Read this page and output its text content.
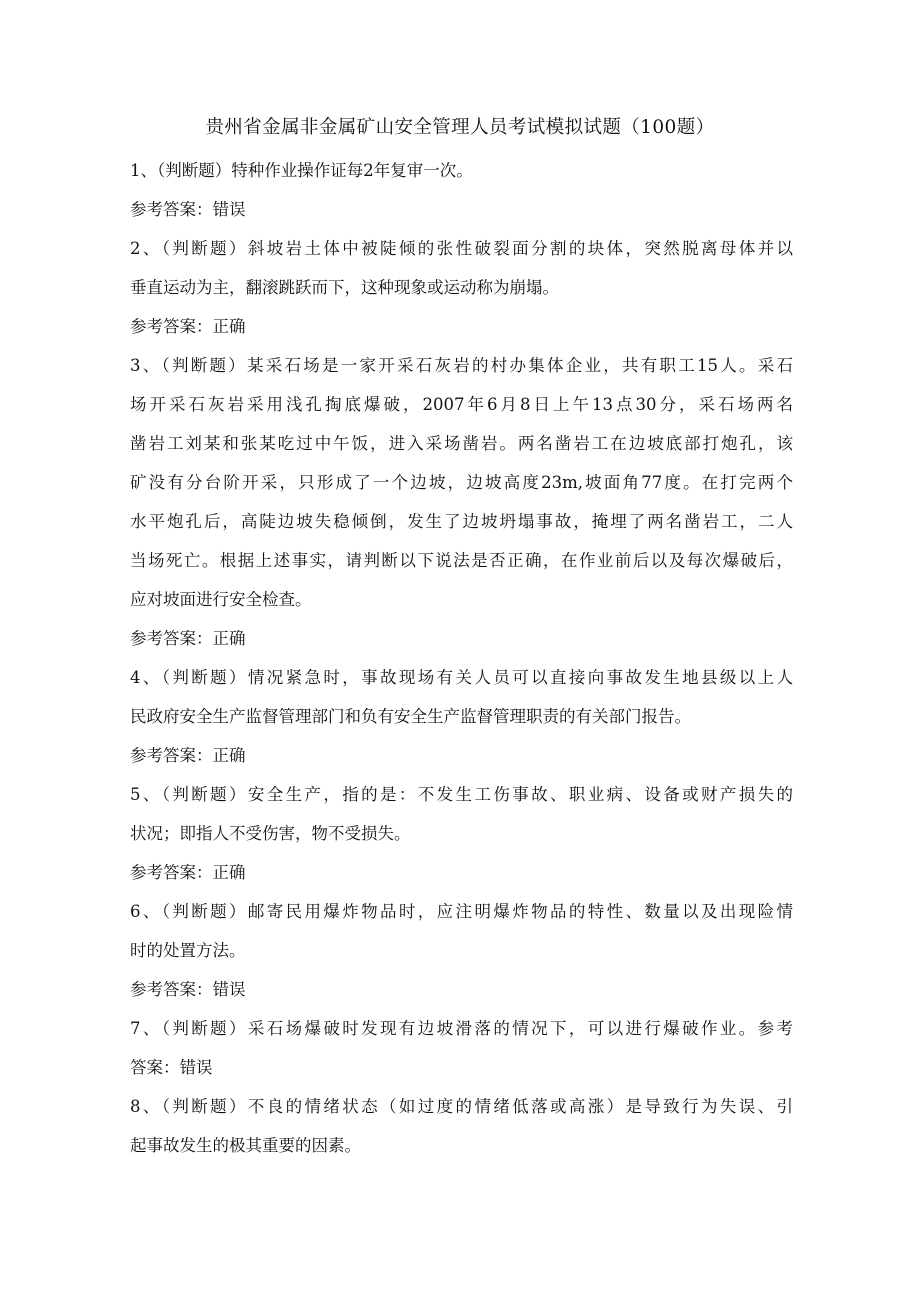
贵州省金属非金属矿山安全管理人员考试模拟试题（100题）
1、（判断题）特种作业操作证每2年复审一次。
参考答案：错误
2、（判断题）斜坡岩土体中被陡倾的张性破裂面分割的块体，突然脱离母体并以
垂直运动为主，翻滚跳跃而下，这种现象或运动称为崩塌。
参考答案：正确
3、（判断题）某采石场是一家开采石灰岩的村办集体企业，共有职工15人。采石
场开采石灰岩采用浅孔掏底爆破，2007年6月8日上午13点30分，采石场两名
凿岩工刘某和张某吃过中午饭，进入采场凿岩。两名凿岩工在边坡底部打炮孔，该
矿没有分台阶开采，只形成了一个边坡，边坡高度23m,坡面角77度。在打完两个
水平炮孔后，高陡边坡失稳倾倒，发生了边坡坍塌事故，掩埋了两名凿岩工，二人
当场死亡。根据上述事实，请判断以下说法是否正确，在作业前后以及每次爆破后，
应对坡面进行安全检查。
参考答案：正确
4、（判断题）情况紧急时，事故现场有关人员可以直接向事故发生地县级以上人
民政府安全生产监督管理部门和负有安全生产监督管理职责的有关部门报告。
参考答案：正确
5、（判断题）安全生产，指的是：不发生工伤事故、职业病、设备或财产损失的
状况；即指人不受伤害，物不受损失。
参考答案：正确
6、（判断题）邮寄民用爆炸物品时，应注明爆炸物品的特性、数量以及出现险情
时的处置方法。
参考答案：错误
7、（判断题）采石场爆破时发现有边坡滑落的情况下，可以进行爆破作业。参考
答案：错误
8、（判断题）不良的情绪状态（如过度的情绪低落或高涨）是导致行为失误、引
起事故发生的极其重要的因素。
